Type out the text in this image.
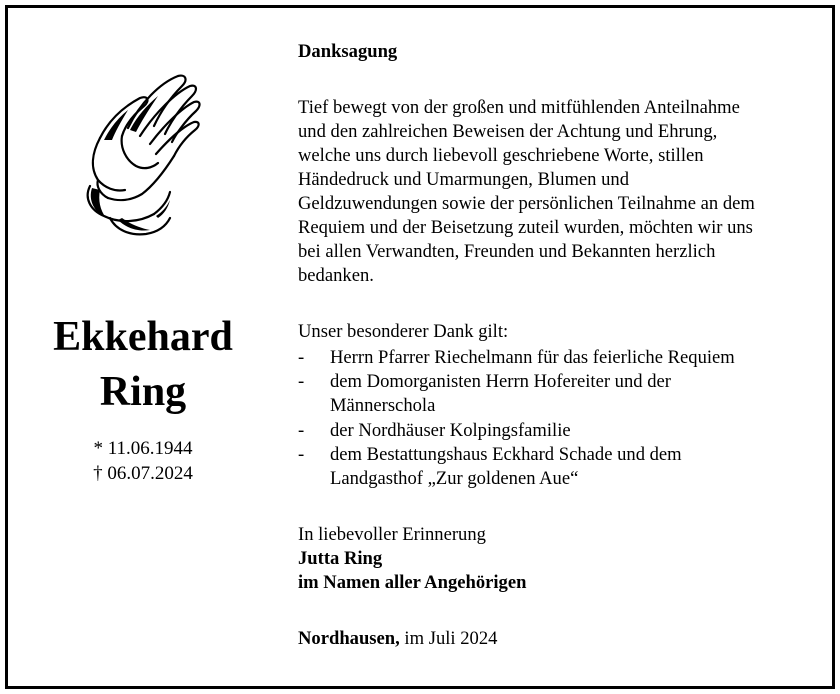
Ekkehard
Ring
* 11.06.1944
† 06.07.2024
Danksagung
Tief bewegt von der großen und mitfühlenden Anteilnahme
und den zahlreichen Beweisen der Achtung und Ehrung,
welche uns durch liebevoll geschriebene Worte, stillen
Händedruck und Umarmungen, Blumen und
Geldzuwendungen sowie der persönlichen Teilnahme an dem
Requiem und der Beisetzung zuteil wurden, möchten wir uns
bei allen Verwandten, Freunden und Bekannten herzlich
bedanken.
Unser besonderer Dank gilt:
- Herrn Pfarrer Riechelmann für das feierliche Requiem
- dem Domorganisten Herrn Hofereiter und der
Männerschola
- der Nordhäuser Kolpingsfamilie
- dem Bestattungshaus Eckhard Schade und dem
Landgasthof „Zur goldenen Aue“
In liebevoller Erinnerung
Jutta Ring
im Namen aller Angehörigen
Nordhausen, im Juli 2024
